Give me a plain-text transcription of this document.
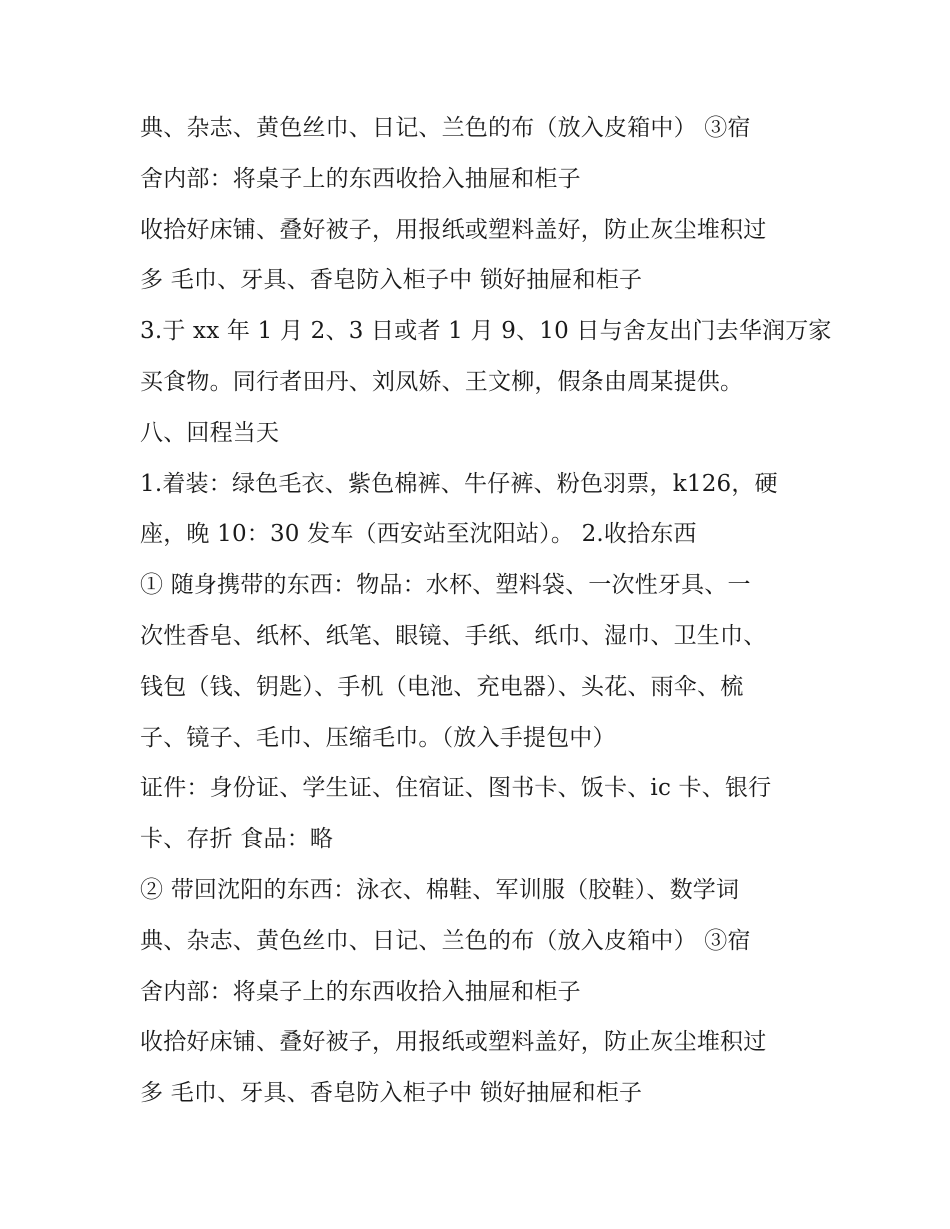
典、杂志、黄色丝巾、日记、兰色的布（放入皮箱中） ③宿
舍内部：将桌子上的东西收拾入抽屉和柜子
收拾好床铺、叠好被子，用报纸或塑料盖好，防止灰尘堆积过
多 毛巾、牙具、香皂防入柜子中 锁好抽屉和柜子
3.于 xx 年 1 月 2、3 日或者 1 月 9、10 日与舍友出门去华润万家
买食物。同行者田丹、刘凤娇、王文柳，假条由周某提供。
八、回程当天
1.着装：绿色毛衣、紫色棉裤、牛仔裤、粉色羽票，k126，硬
座，晚 10：30 发车（西安站至沈阳站）。 2.收拾东西
① 随身携带的东西：物品：水杯、塑料袋、一次性牙具、一
次性香皂、纸杯、纸笔、眼镜、手纸、纸巾、湿巾、卫生巾、
钱包（钱、钥匙）、手机（电池、充电器）、头花、雨伞、梳
子、镜子、毛巾、压缩毛巾。（放入手提包中）
证件：身份证、学生证、住宿证、图书卡、饭卡、ic 卡、银行
卡、存折 食品：略
② 带回沈阳的东西：泳衣、棉鞋、军训服（胶鞋）、数学词
典、杂志、黄色丝巾、日记、兰色的布（放入皮箱中） ③宿
舍内部：将桌子上的东西收拾入抽屉和柜子
收拾好床铺、叠好被子，用报纸或塑料盖好，防止灰尘堆积过
多 毛巾、牙具、香皂防入柜子中 锁好抽屉和柜子
